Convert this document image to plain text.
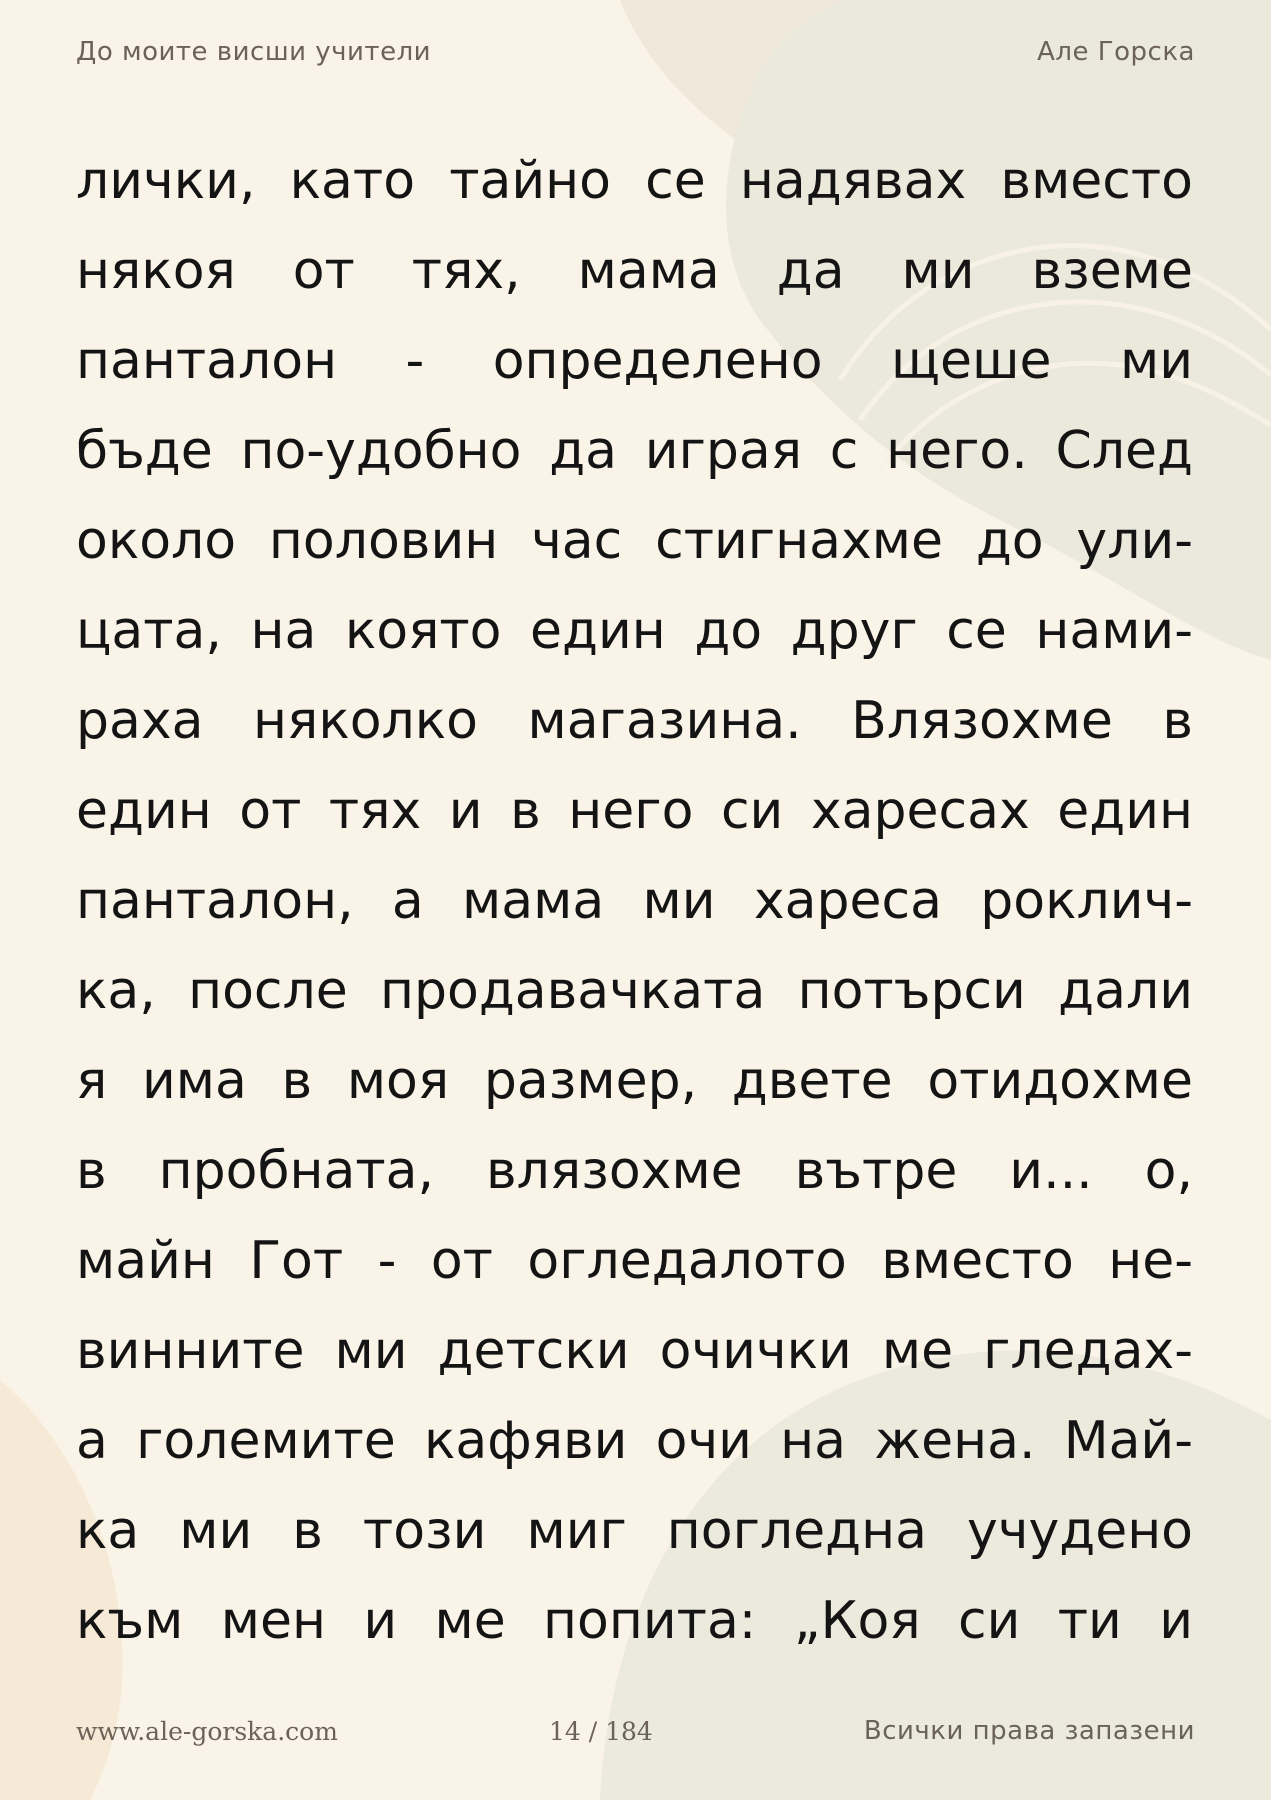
До моите висши учители	Але Горска
лички, като тайно се надявах вместо
някоя от тях, мама да ми вземе
панталон - определено щеше ми
бъде по-удобно да играя с него. След
около половин час стигнахме до ули-
цата, на която един до друг се нами-
раха няколко магазина. Влязохме в
един от тях и в него си харесах един
панталон, а мама ми хареса роклич-
ка, после продавачката потърси дали
я има в моя размер, двете отидохме
в пробната, влязохме вътре и... о,
майн Гот - от огледалото вместо не-
винните ми детски очички ме гледах-
а големите кафяви очи на жена. Май-
ка ми в този миг погледна учудено
към мен и ме попита: „Коя си ти и
www.ale-gorska.com	14 / 184	Всички права запазени
